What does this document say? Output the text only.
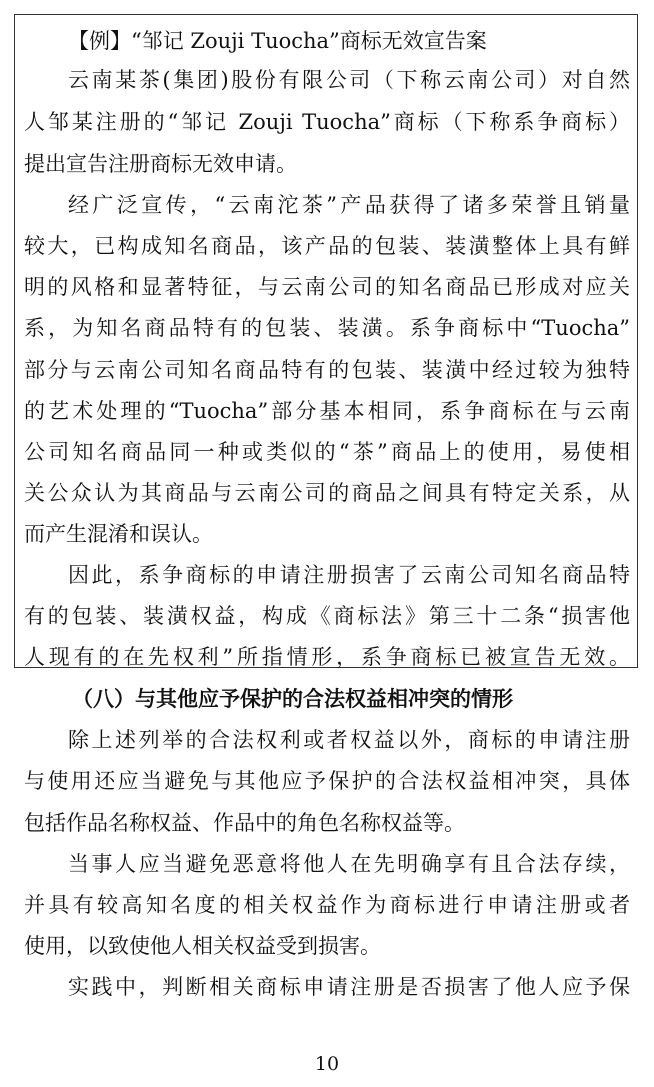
【例】“邹记 Zouji Tuocha”商标无效宣告案
云南某茶(集团)股份有限公司（下称云南公司）对自然
人邹某注册的“邹记 Zouji Tuocha”商标（下称系争商标）
提出宣告注册商标无效申请。
经广泛宣传，“云南沱茶”产品获得了诸多荣誉且销量
较大，已构成知名商品，该产品的包装、装潢整体上具有鲜
明的风格和显著特征，与云南公司的知名商品已形成对应关
系，为知名商品特有的包装、装潢。系争商标中“Tuocha”
部分与云南公司知名商品特有的包装、装潢中经过较为独特
的艺术处理的“Tuocha”部分基本相同，系争商标在与云南
公司知名商品同一种或类似的“茶”商品上的使用，易使相
关公众认为其商品与云南公司的商品之间具有特定关系，从
而产生混淆和误认。
因此，系争商标的申请注册损害了云南公司知名商品特
有的包装、装潢权益，构成《商标法》第三十二条“损害他
人现有的在先权利”所指情形，系争商标已被宣告无效。
（八）与其他应予保护的合法权益相冲突的情形
除上述列举的合法权利或者权益以外，商标的申请注册
与使用还应当避免与其他应予保护的合法权益相冲突，具体
包括作品名称权益、作品中的角色名称权益等。
当事人应当避免恶意将他人在先明确享有且合法存续，
并具有较高知名度的相关权益作为商标进行申请注册或者
使用，以致使他人相关权益受到损害。
实践中，判断相关商标申请注册是否损害了他人应予保
10
